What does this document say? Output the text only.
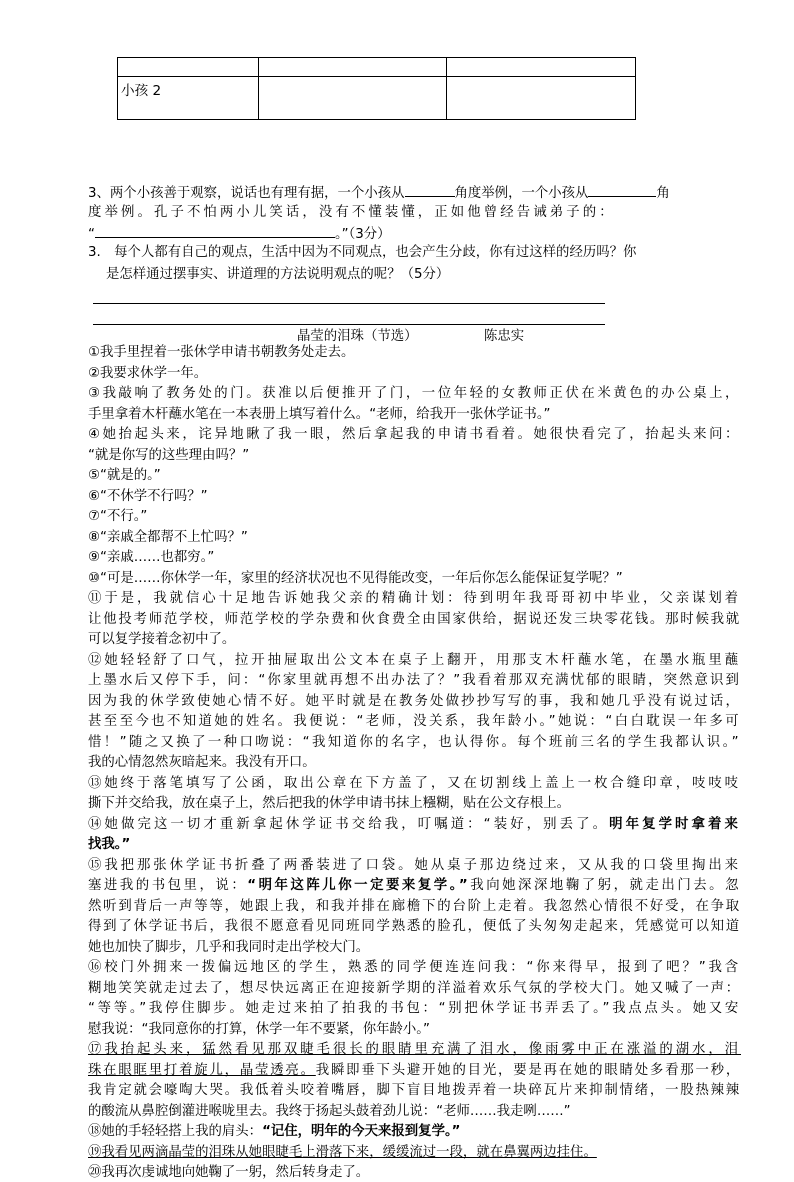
小孩 2		

3、两个小孩善于观察，说话也有理有据，一个小孩从	角度举例，一个小孩从	角
度举例。孔子不怕两小儿笑话，没有不懂装懂，正如他曾经告诫弟子的：
“	。”（3分）
3.　每个人都有自己的观点，生活中因为不同观点，也会产生分歧，你有过这样的经历吗？你
是怎样通过摆事实、讲道理的方法说明观点的呢？（5分）
晶莹的泪珠（节选）	陈忠实
①我手里捏着一张休学申请书朝教务处走去。
②我要求休学一年。
③我敲响了教务处的门。获准以后便推开了门，一位年轻的女教师正伏在米黄色的办公桌上，
手里拿着木杆蘸水笔在一本表册上填写着什么。“老师，给我开一张休学证书。”
④她抬起头来，诧异地瞅了我一眼，然后拿起我的申请书看着。她很快看完了，抬起头来问：
“就是你写的这些理由吗？”
⑤“就是的。”
⑥“不休学不行吗？”
⑦“不行。”
⑧“亲戚全都帮不上忙吗？”
⑨“亲戚……也都穷。”
⑩“可是……你休学一年，家里的经济状况也不见得能改变，一年后你怎么能保证复学呢？”
⑪于是，我就信心十足地告诉她我父亲的精确计划：待到明年我哥哥初中毕业，父亲谋划着
让他投考师范学校，师范学校的学杂费和伙食费全由国家供给，据说还发三块零花钱。那时候我就
可以复学接着念初中了。
⑫她轻轻舒了口气，拉开抽屉取出公文本在桌子上翻开，用那支木杆蘸水笔，在墨水瓶里蘸
上墨水后又停下手，问：“你家里就再想不出办法了？”我看着那双充满忧郁的眼睛，突然意识到
因为我的休学致使她心情不好。她平时就是在教务处做抄抄写写的事，我和她几乎没有说过话，
甚至至今也不知道她的姓名。我便说：“老师，没关系，我年龄小。”她说：“白白耽误一年多可
惜！”随之又换了一种口吻说：“我知道你的名字，也认得你。每个班前三名的学生我都认识。”
我的心情忽然灰暗起来。我没有开口。
⑬她终于落笔填写了公函，取出公章在下方盖了，又在切割线上盖上一枚合缝印章，吱吱吱
撕下并交给我，放在桌子上，然后把我的休学申请书抹上糨糊，贴在公文存根上。
⑭她做完这一切才重新拿起休学证书交给我，叮嘱道：“装好，别丢了。明年复学时拿着来
找我。”
⑮我把那张休学证书折叠了两番装进了口袋。她从桌子那边绕过来，又从我的口袋里掏出来
塞进我的书包里，说：“明年这阵儿你一定要来复学。”我向她深深地鞠了躬，就走出门去。忽
然听到背后一声等等，她跟上我，和我并排在廊檐下的台阶上走着。我忽然心情很不好受，在争取
得到了休学证书后，我很不愿意看见同班同学熟悉的脸孔，便低了头匆匆走起来，凭感觉可以知道
她也加快了脚步，几乎和我同时走出学校大门。
⑯校门外拥来一拨偏远地区的学生，熟悉的同学便连连问我：“你来得早，报到了吧？”我含
糊地笑笑就走过去了，想尽快远离正在迎接新学期的洋溢着欢乐气氛的学校大门。她又喊了一声：
“等等。”我停住脚步。她走过来拍了拍我的书包：“别把休学证书弄丢了。”我点点头。她又安
慰我说：“我同意你的打算，休学一年不要紧，你年龄小。”
⑰我抬起头来，猛然看见那双睫毛很长的眼睛里充满了泪水，像雨雾中正在涨溢的湖水，泪
珠在眼眶里打着旋儿，晶莹透亮。我瞬即垂下头避开她的目光，要是再在她的眼睛处多看那一秒，
我肯定就会嚎啕大哭。我低着头咬着嘴唇，脚下盲目地拨弄着一块碎瓦片来抑制情绪，一股热辣辣
的酸流从鼻腔倒灌进喉咙里去。我终于扬起头鼓着劲儿说：“老师……我走咧……”
⑱她的手轻轻搭上我的肩头：“记住，明年的今天来报到复学。”
⑲我看见两滴晶莹的泪珠从她眼睫毛上滑落下来，缓缓流过一段，就在鼻翼两边挂住。
⑳我再次虔诚地向她鞠了一躬，然后转身走了。
